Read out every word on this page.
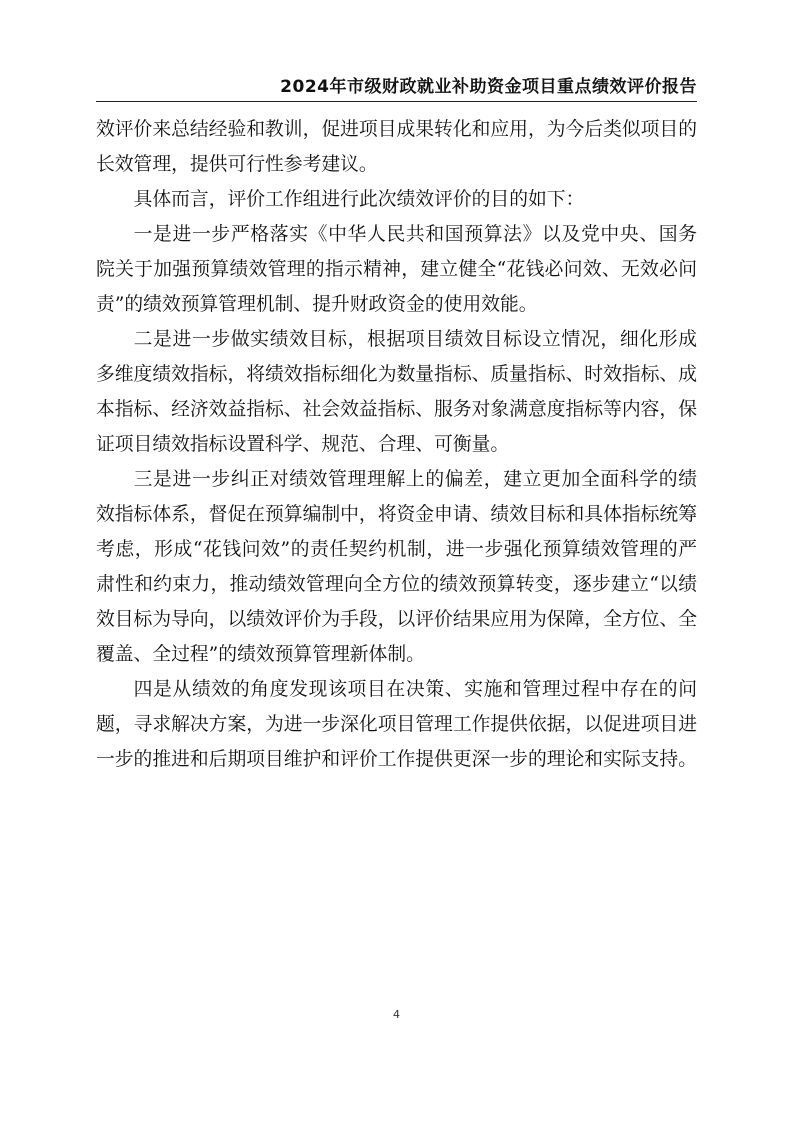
2024年市级财政就业补助资金项目重点绩效评价报告

效评价来总结经验和教训，促进项目成果转化和应用，为今后类似项目的长效管理，提供可行性参考建议。

具体而言，评价工作组进行此次绩效评价的目的如下：

一是进一步严格落实《中华人民共和国预算法》以及党中央、国务院关于加强预算绩效管理的指示精神，建立健全“花钱必问效、无效必问责”的绩效预算管理机制、提升财政资金的使用效能。

二是进一步做实绩效目标，根据项目绩效目标设立情况，细化形成多维度绩效指标，将绩效指标细化为数量指标、质量指标、时效指标、成本指标、经济效益指标、社会效益指标、服务对象满意度指标等内容，保证项目绩效指标设置科学、规范、合理、可衡量。

三是进一步纠正对绩效管理理解上的偏差，建立更加全面科学的绩效指标体系，督促在预算编制中，将资金申请、绩效目标和具体指标统筹考虑，形成“花钱问效”的责任契约机制，进一步强化预算绩效管理的严肃性和约束力，推动绩效管理向全方位的绩效预算转变，逐步建立“以绩效目标为导向，以绩效评价为手段，以评价结果应用为保障，全方位、全覆盖、全过程”的绩效预算管理新体制。

四是从绩效的角度发现该项目在决策、实施和管理过程中存在的问题，寻求解决方案，为进一步深化项目管理工作提供依据，以促进项目进一步的推进和后期项目维护和评价工作提供更深一步的理论和实际支持。

4
